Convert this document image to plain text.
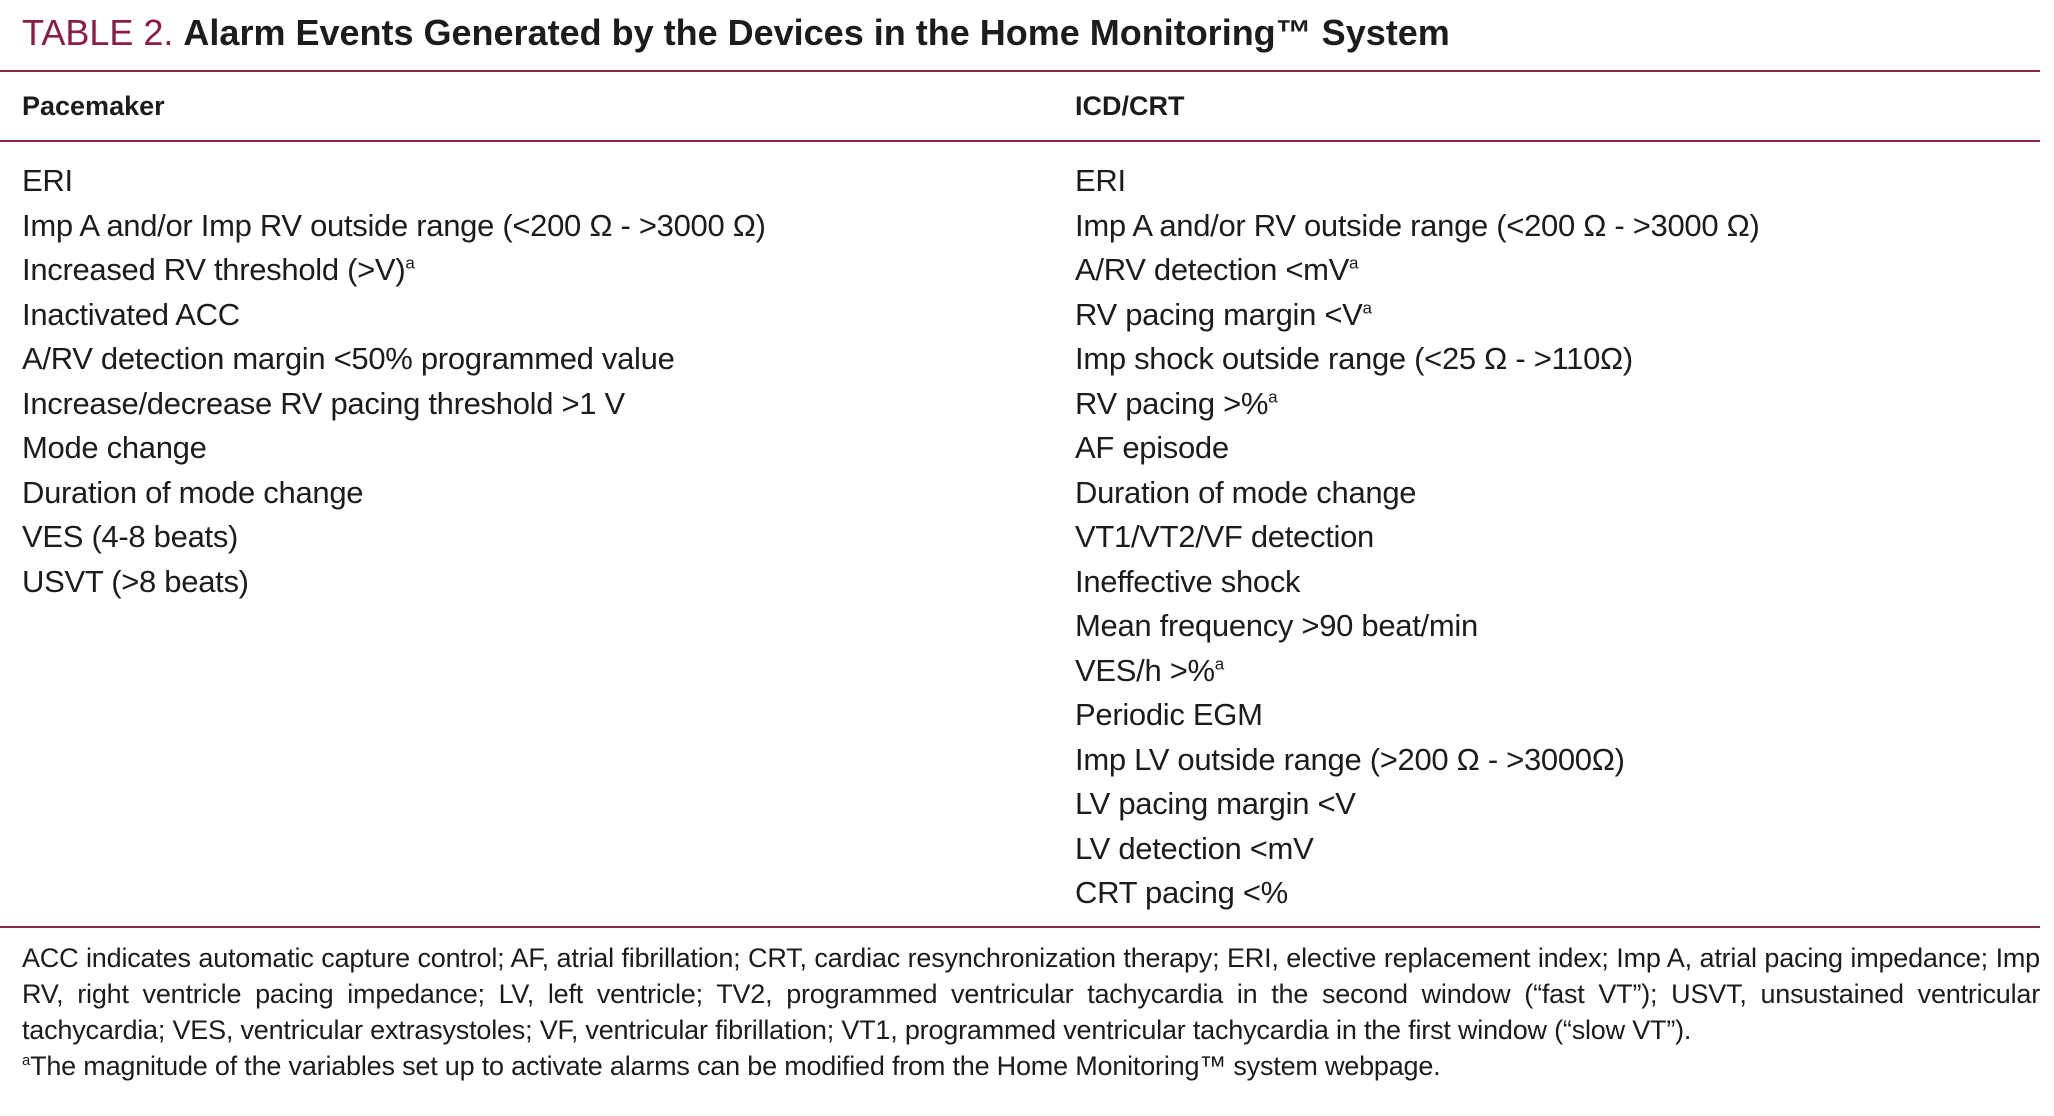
TABLE 2. Alarm Events Generated by the Devices in the Home Monitoring™ System
Pacemaker	ICD/CRT
ERI
Imp A and/or Imp RV outside range (<200 Ω - >3000 Ω)
Increased RV threshold (>V)$^a$
Inactivated ACC
A/RV detection margin <50% programmed value
Increase/decrease RV pacing threshold >1 V
Mode change
Duration of mode change
VES (4-8 beats)
USVT (>8 beats)
ERI
Imp A and/or RV outside range (<200 Ω - >3000 Ω)
A/RV detection $<mV^a$
RV pacing margin $<V^a$
Imp shock outside range (<25 Ω - >110Ω)
RV pacing >%$^a$
AF episode
Duration of mode change
VT1/VT2/VF detection
Ineffective shock
Mean frequency >90 beat/min
VES/h >%$^a$
Periodic EGM
Imp LV outside range (>200 Ω - >3000Ω)
LV pacing margin <V
LV detection <mV
CRT pacing <%
ACC indicates automatic capture control; AF, atrial fibrillation; CRT, cardiac resynchronization therapy; ERI, elective replacement index; Imp A, atrial pacing impedance; Imp RV, right ventricle pacing impedance; LV, left ventricle; TV2, programmed ventricular tachycardia in the second window (“fast VT”); USVT, unsustained ventricular tachycardia; VES, ventricular extrasystoles; VF, ventricular fibrillation; VT1, programmed ventricular tachycardia in the first window (“slow VT”).
$^a$The magnitude of the variables set up to activate alarms can be modified from the Home Monitoring™ system webpage.
